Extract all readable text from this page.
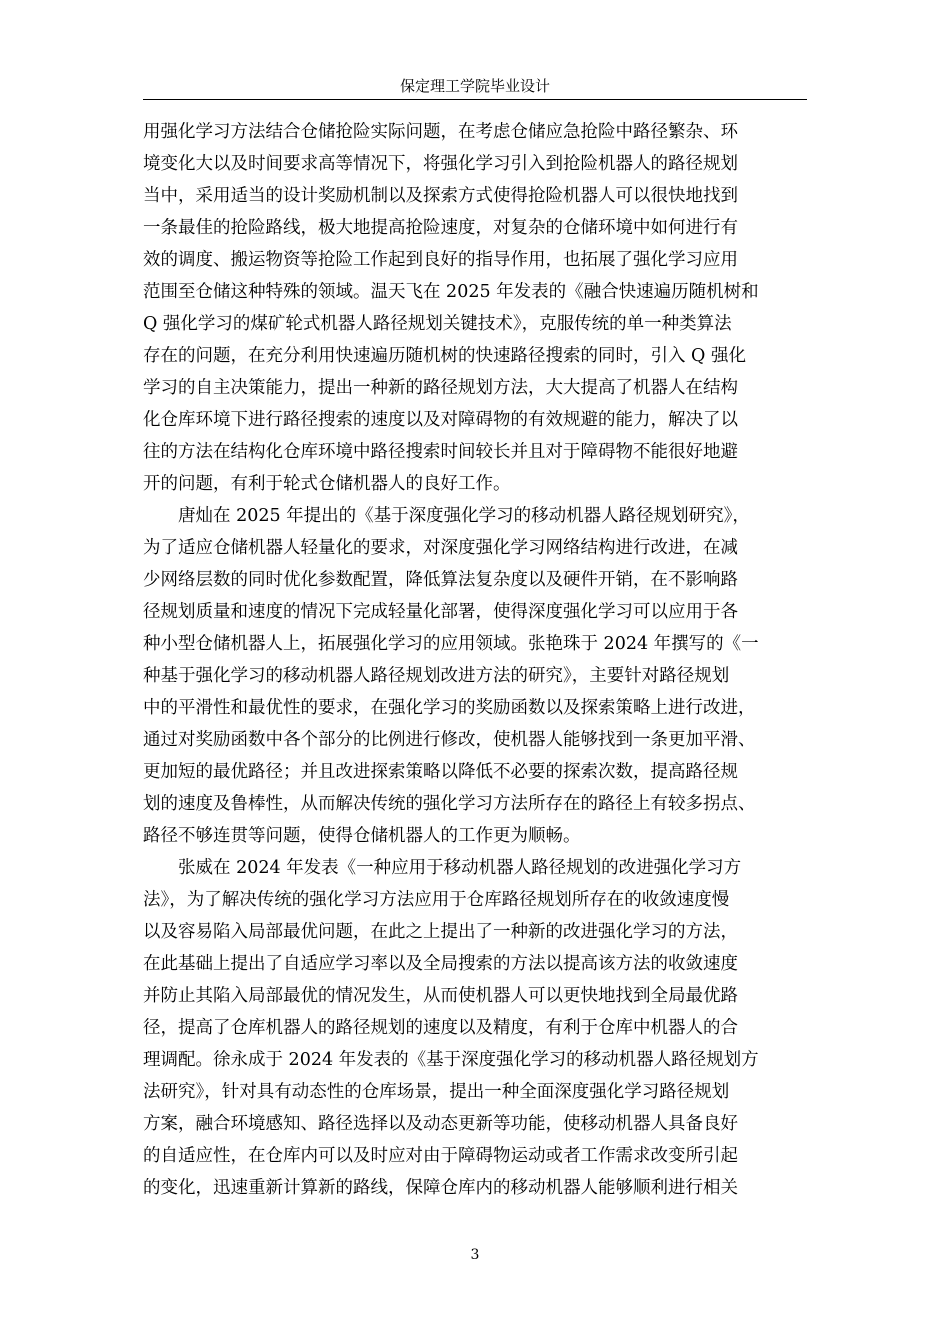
保定理工学院毕业设计
用强化学习方法结合仓储抢险实际问题，在考虑仓储应急抢险中路径繁杂、环
境变化大以及时间要求高等情况下，将强化学习引入到抢险机器人的路径规划
当中，采用适当的设计奖励机制以及探索方式使得抢险机器人可以很快地找到
一条最佳的抢险路线，极大地提高抢险速度，对复杂的仓储环境中如何进行有
效的调度、搬运物资等抢险工作起到良好的指导作用，也拓展了强化学习应用
范围至仓储这种特殊的领域。温天飞在 2025 年发表的《融合快速遍历随机树和
Q 强化学习的煤矿轮式机器人路径规划关键技术》，克服传统的单一种类算法
存在的问题，在充分利用快速遍历随机树的快速路径搜索的同时，引入 Q 强化
学习的自主决策能力，提出一种新的路径规划方法，大大提高了机器人在结构
化仓库环境下进行路径搜索的速度以及对障碍物的有效规避的能力，解决了以
往的方法在结构化仓库环境中路径搜索时间较长并且对于障碍物不能很好地避
开的问题，有利于轮式仓储机器人的良好工作。
唐灿在 2025 年提出的《基于深度强化学习的移动机器人路径规划研究》，
为了适应仓储机器人轻量化的要求，对深度强化学习网络结构进行改进，在减
少网络层数的同时优化参数配置，降低算法复杂度以及硬件开销，在不影响路
径规划质量和速度的情况下完成轻量化部署，使得深度强化学习可以应用于各
种小型仓储机器人上，拓展强化学习的应用领域。张艳珠于 2024 年撰写的《一
种基于强化学习的移动机器人路径规划改进方法的研究》，主要针对路径规划
中的平滑性和最优性的要求，在强化学习的奖励函数以及探索策略上进行改进，
通过对奖励函数中各个部分的比例进行修改，使机器人能够找到一条更加平滑、
更加短的最优路径；并且改进探索策略以降低不必要的探索次数，提高路径规
划的速度及鲁棒性，从而解决传统的强化学习方法所存在的路径上有较多拐点、
路径不够连贯等问题，使得仓储机器人的工作更为顺畅。
张威在 2024 年发表《一种应用于移动机器人路径规划的改进强化学习方
法》，为了解决传统的强化学习方法应用于仓库路径规划所存在的收敛速度慢
以及容易陷入局部最优问题，在此之上提出了一种新的改进强化学习的方法，
在此基础上提出了自适应学习率以及全局搜索的方法以提高该方法的收敛速度
并防止其陷入局部最优的情况发生，从而使机器人可以更快地找到全局最优路
径，提高了仓库机器人的路径规划的速度以及精度，有利于仓库中机器人的合
理调配。徐永成于 2024 年发表的《基于深度强化学习的移动机器人路径规划方
法研究》，针对具有动态性的仓库场景，提出一种全面深度强化学习路径规划
方案，融合环境感知、路径选择以及动态更新等功能，使移动机器人具备良好
的自适应性，在仓库内可以及时应对由于障碍物运动或者工作需求改变所引起
的变化，迅速重新计算新的路线，保障仓库内的移动机器人能够顺利进行相关
3
